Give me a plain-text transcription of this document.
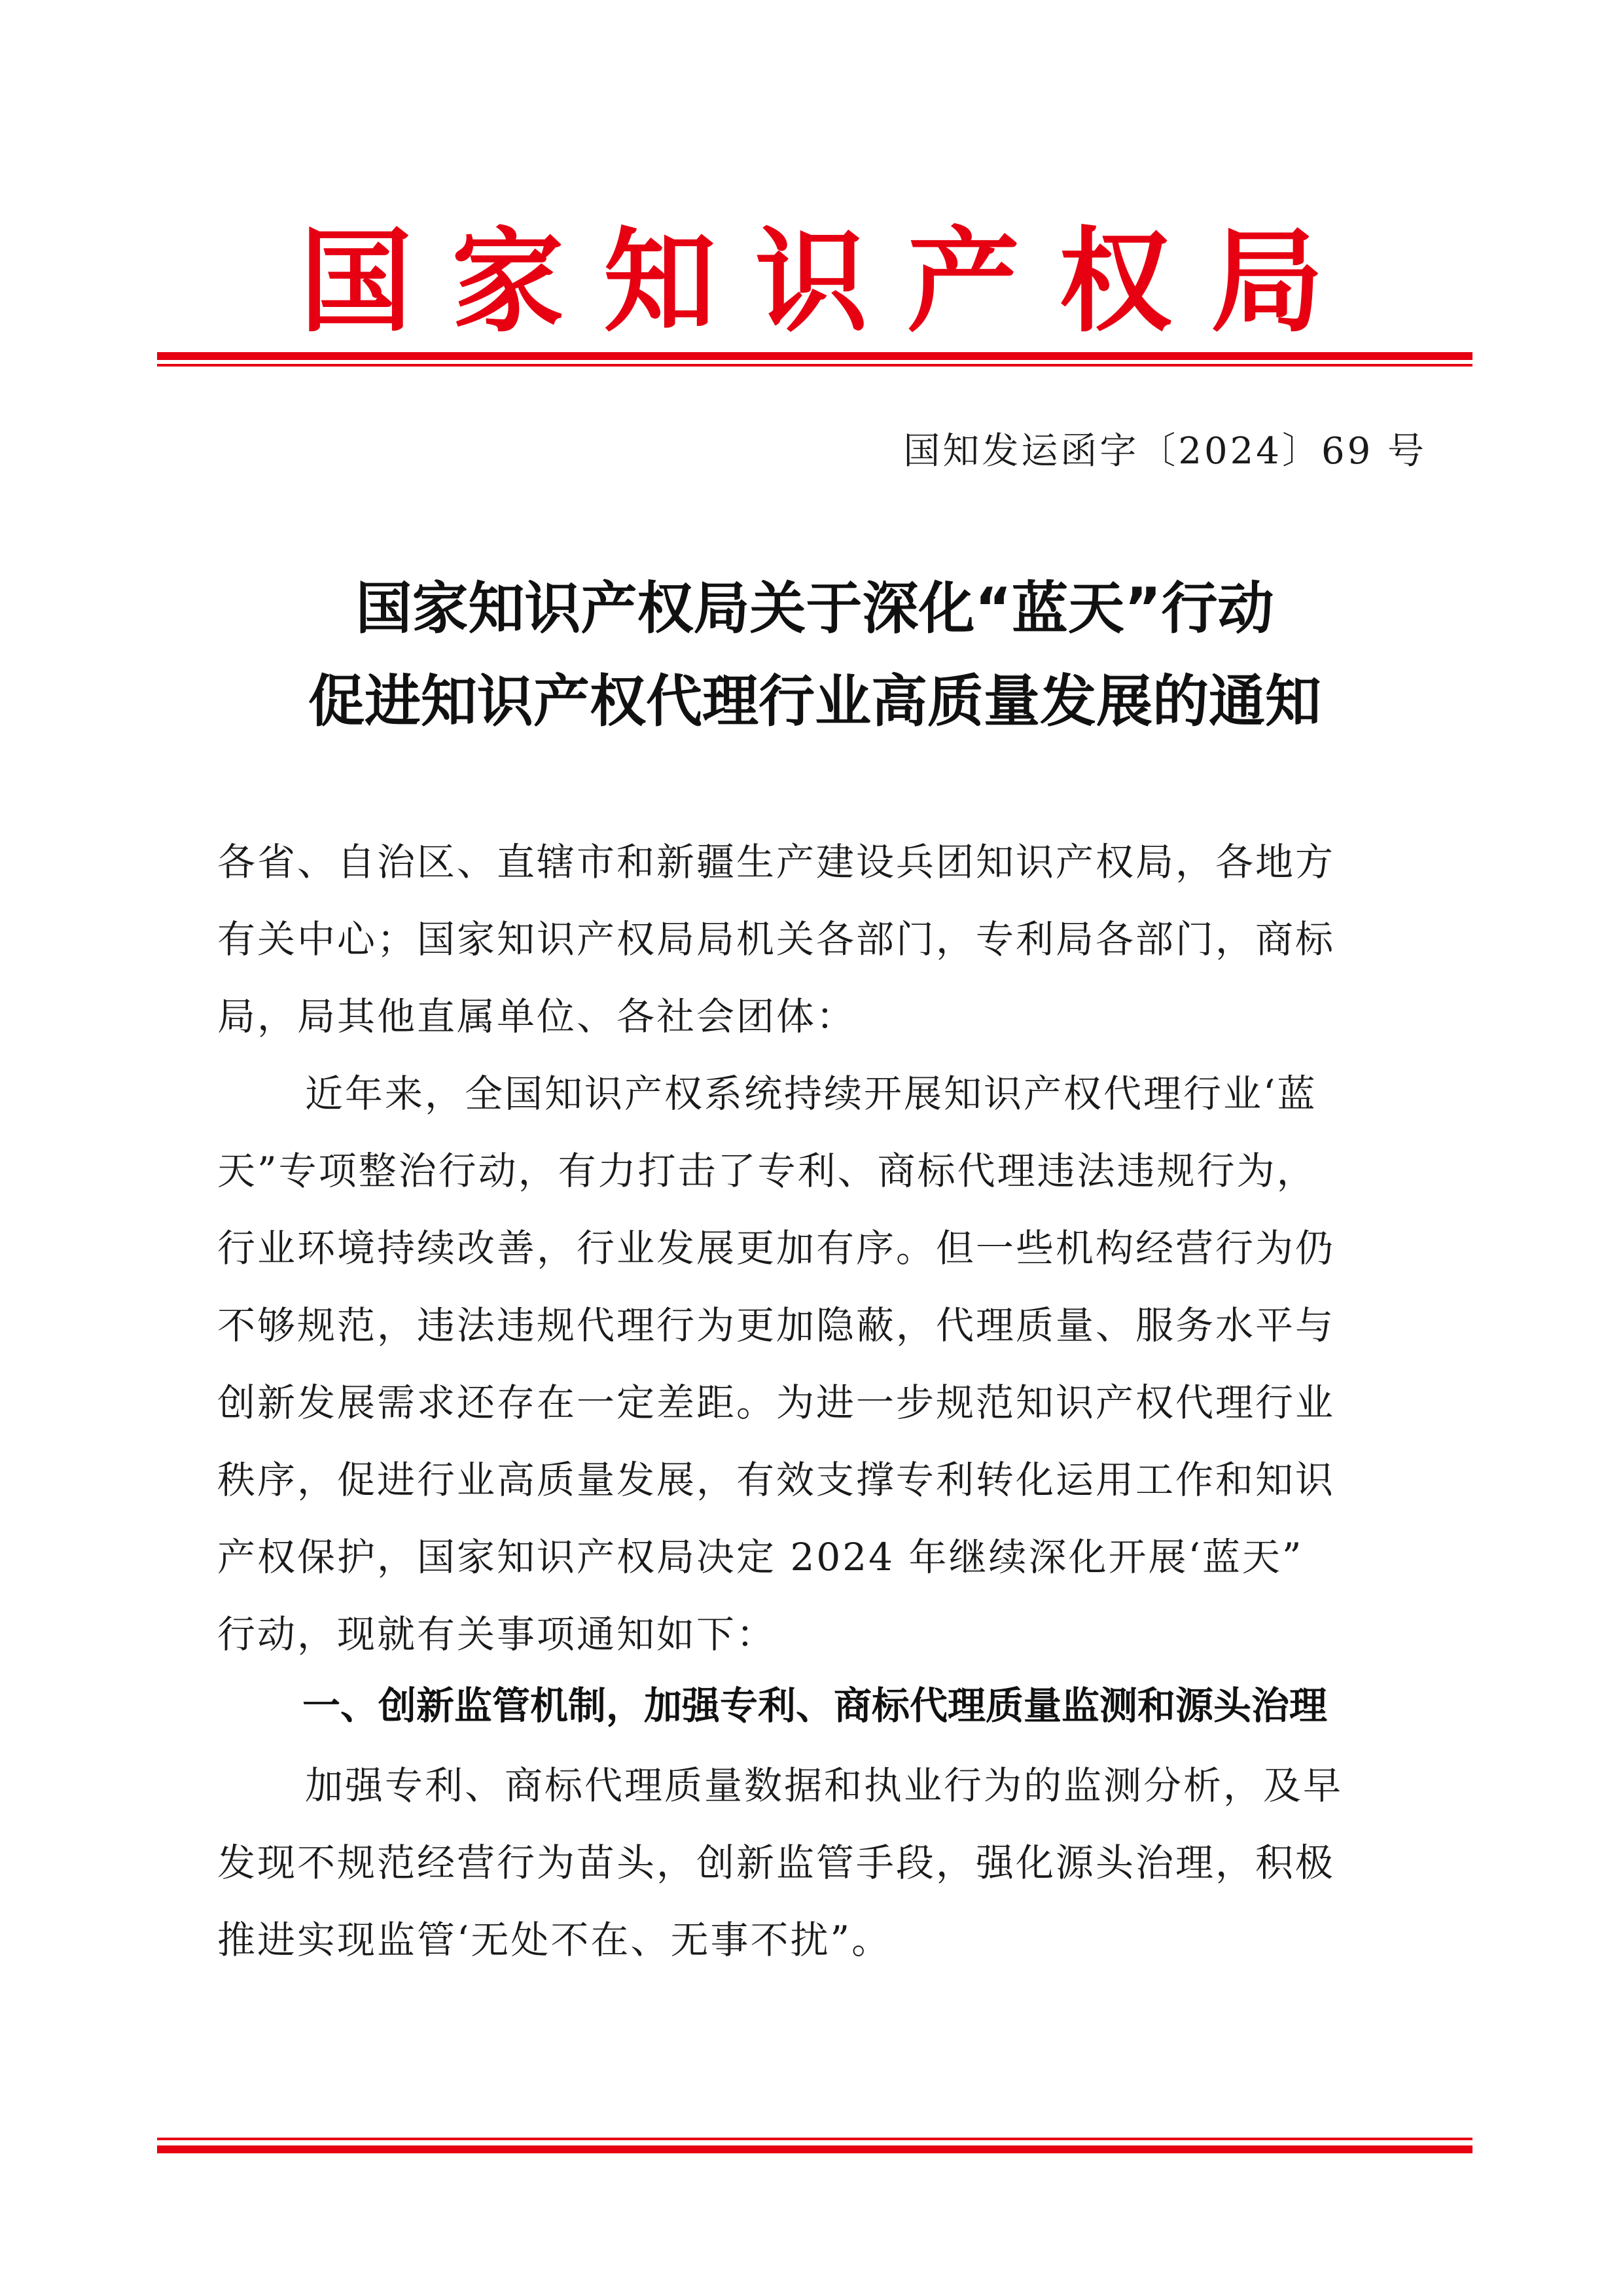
国家知识产权局
国知发运函字〔2024〕69 号
国家知识产权局关于深化“蓝天”行动
促进知识产权代理行业高质量发展的通知
各省、自治区、直辖市和新疆生产建设兵团知识产权局，各地方
有关中心；国家知识产权局局机关各部门，专利局各部门，商标
局，局其他直属单位、各社会团体：
近年来，全国知识产权系统持续开展知识产权代理行业‘蓝
天”专项整治行动，有力打击了专利、商标代理违法违规行为，
行业环境持续改善，行业发展更加有序。但一些机构经营行为仍
不够规范，违法违规代理行为更加隐蔽，代理质量、服务水平与
创新发展需求还存在一定差距。为进一步规范知识产权代理行业
秩序，促进行业高质量发展，有效支撑专利转化运用工作和知识
产权保护，国家知识产权局决定 2024 年继续深化开展‘蓝天”
行动，现就有关事项通知如下：
一、创新监管机制，加强专利、商标代理质量监测和源头治理
加强专利、商标代理质量数据和执业行为的监测分析，及早
发现不规范经营行为苗头，创新监管手段，强化源头治理，积极
推进实现监管‘无处不在、无事不扰”。
